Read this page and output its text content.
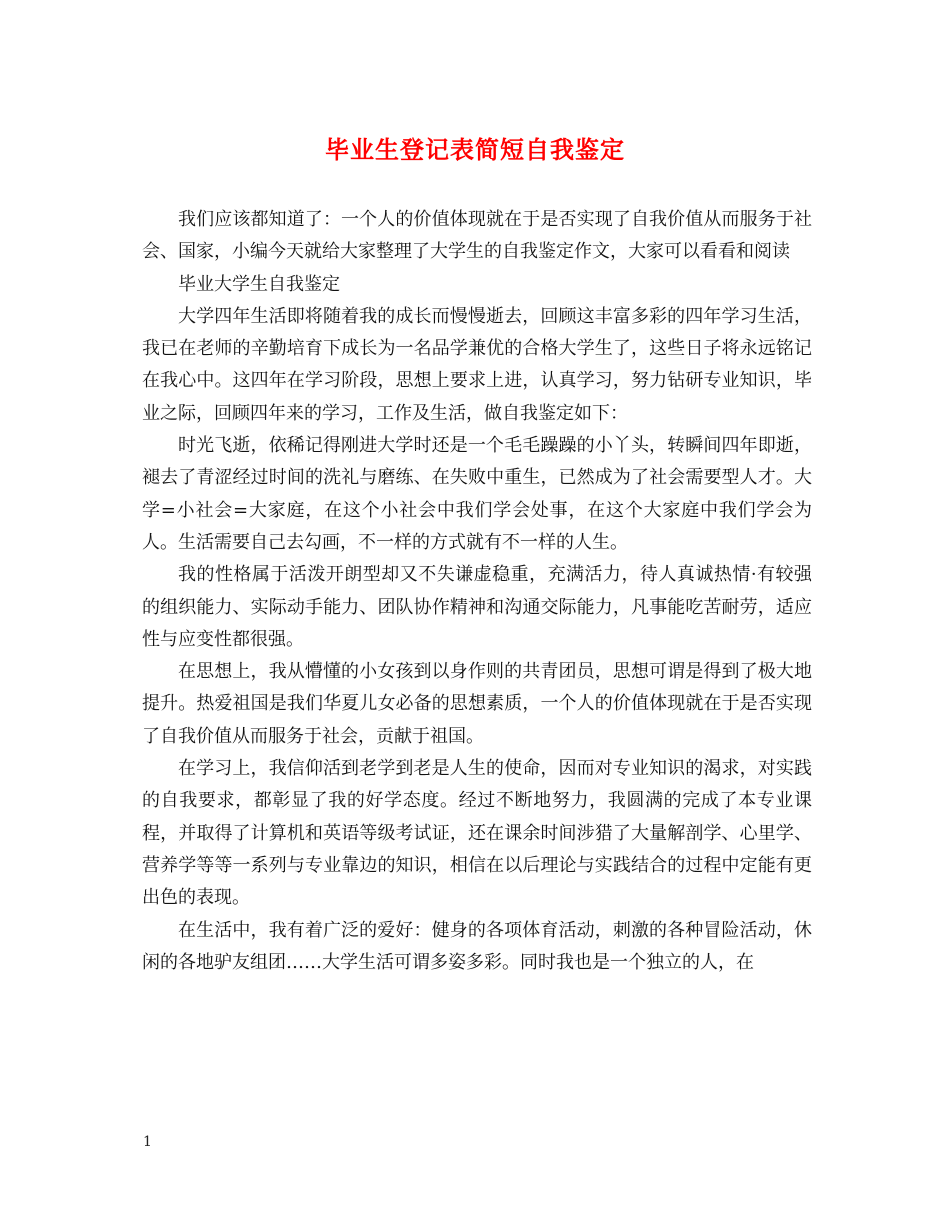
毕业生登记表简短自我鉴定

我们应该都知道了：一个人的价值体现就在于是否实现了自我价值从而服务于社会、国家，小编今天就给大家整理了大学生的自我鉴定作文，大家可以看看和阅读

毕业大学生自我鉴定

大学四年生活即将随着我的成长而慢慢逝去，回顾这丰富多彩的四年学习生活，我已在老师的辛勤培育下成长为一名品学兼优的合格大学生了，这些日子将永远铭记在我心中。这四年在学习阶段，思想上要求上进，认真学习，努力钻研专业知识，毕业之际，回顾四年来的学习，工作及生活，做自我鉴定如下：

时光飞逝，依稀记得刚进大学时还是一个毛毛躁躁的小丫头，转瞬间四年即逝，褪去了青涩经过时间的洗礼与磨练、在失败中重生，已然成为了社会需要型人才。大学=小社会=大家庭，在这个小社会中我们学会处事，在这个大家庭中我们学会为人。生活需要自己去勾画，不一样的方式就有不一样的人生。

我的性格属于活泼开朗型却又不失谦虚稳重，充满活力，待人真诚热情·有较强的组织能力、实际动手能力、团队协作精神和沟通交际能力，凡事能吃苦耐劳，适应性与应变性都很强。

在思想上，我从懵懂的小女孩到以身作则的共青团员，思想可谓是得到了极大地提升。热爱祖国是我们华夏儿女必备的思想素质，一个人的价值体现就在于是否实现了自我价值从而服务于社会，贡献于祖国。

在学习上，我信仰活到老学到老是人生的使命，因而对专业知识的渴求，对实践的自我要求，都彰显了我的好学态度。经过不断地努力，我圆满的完成了本专业课程，并取得了计算机和英语等级考试证，还在课余时间涉猎了大量解剖学、心里学、营养学等等一系列与专业靠边的知识，相信在以后理论与实践结合的过程中定能有更出色的表现。

在生活中，我有着广泛的爱好：健身的各项体育活动，刺激的各种冒险活动，休闲的各地驴友组团……大学生活可谓多姿多彩。同时我也是一个独立的人，在

1
